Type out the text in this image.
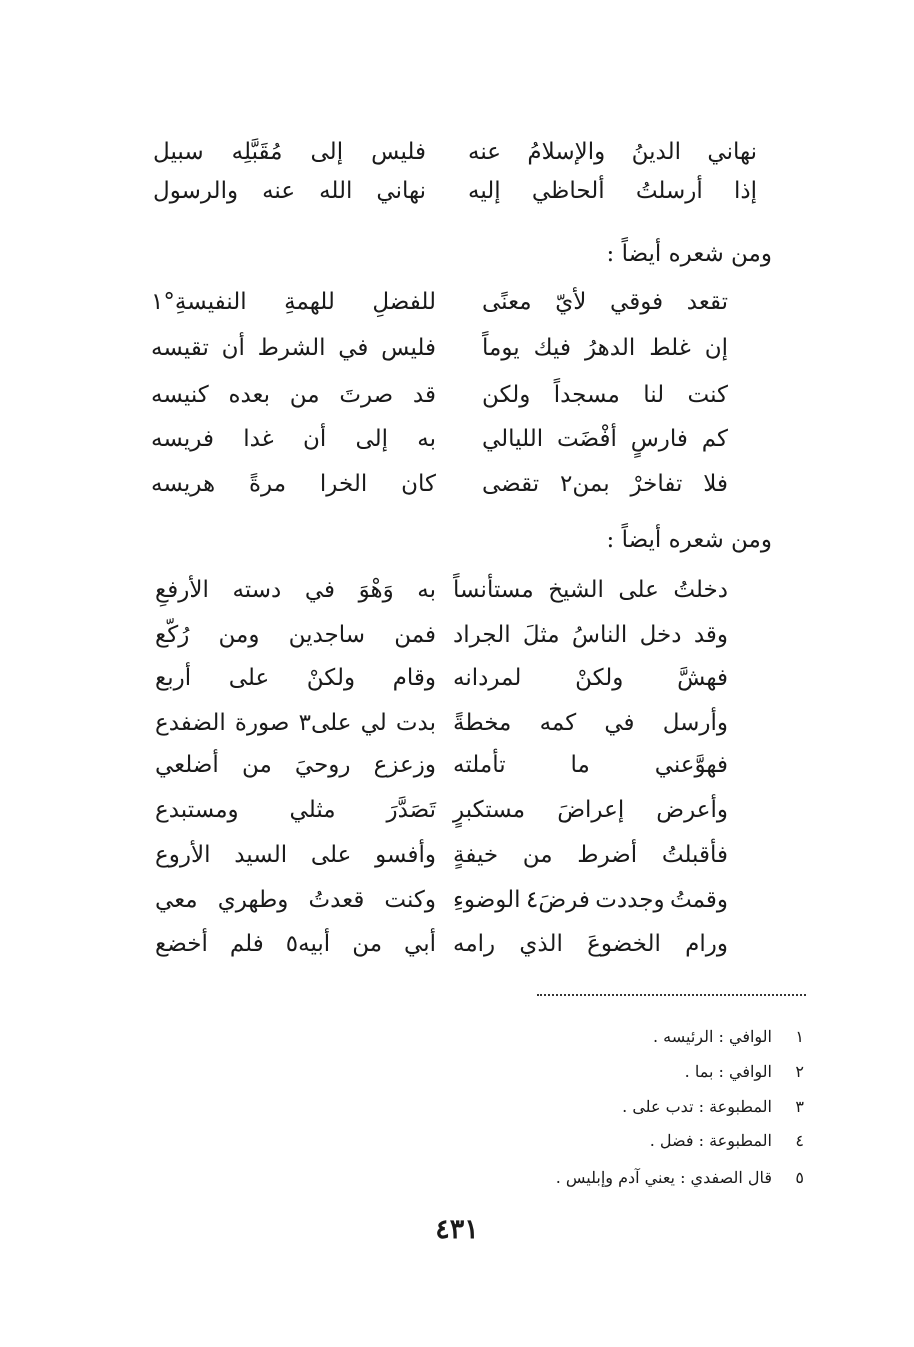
نهاني
الدينُ
والإسلامُ
عنه
فليس
إلى
مُقَبَّلِه
سبيل
إذا
أرسلتُ
ألحاظي
إليه
نهاني
الله
عنه
والرسول
تقعد
فوقي
لأيّ
معنًى
للفضلِ
للهمةِ
النفيسةِ°١
إن
غلط
الدهرُ
فيك
يوماً
فليس
في
الشرط
أن
تقيسه
كنت
لنا
مسجداً
ولكن
قد
صرتَ
من
بعده
كنيسه
كم
فارسٍ
أفْضَت
الليالي
به
إلى
أن
غدا
فريسه
فلا
تفاخرْ
بمن٢
تقضى
كان
الخرا
مرةً
هريسه
دخلتُ
على
الشيخ
مستأنساً
به
وَهْوَ
في
دسته
الأرفعِ
وقد
دخل
الناسُ
مثلَ
الجراد
فمن
ساجدين
ومن
رُكّع
فهشَّ
ولكنْ
لمردانه
وقام
ولكنْ
على
أربع
وأرسل
في
كمه
مخطةً
بدت
لي
على٣
صورة
الضفدع
فهوَّعني
ما
تأملته
وزعزع
روحيَ
من
أضلعي
وأعرض
إعراضَ
مستكبرٍ
تَصَدَّرَ
مثلي
ومستبدع
فأقبلتُ
أضرط
من
خيفةٍ
وأفسو
على
السيد
الأروع
وقمتُ
وجددت
فرضَ٤
الوضوءِ
وكنت
قعدتُ
وطهري
معي
ورام
الخضوعَ
الذي
رامه
أبي
من
أبيه٥
فلم
أخضع
ومن شعره أيضاً :
ومن شعره أيضاً :
١الوافي : الرئيسه .
٢الوافي : بما .
٣المطبوعة : تدب على .
٤المطبوعة : فضل .
٥قال الصفدي : يعني آدم وإبليس .
٤٣١
